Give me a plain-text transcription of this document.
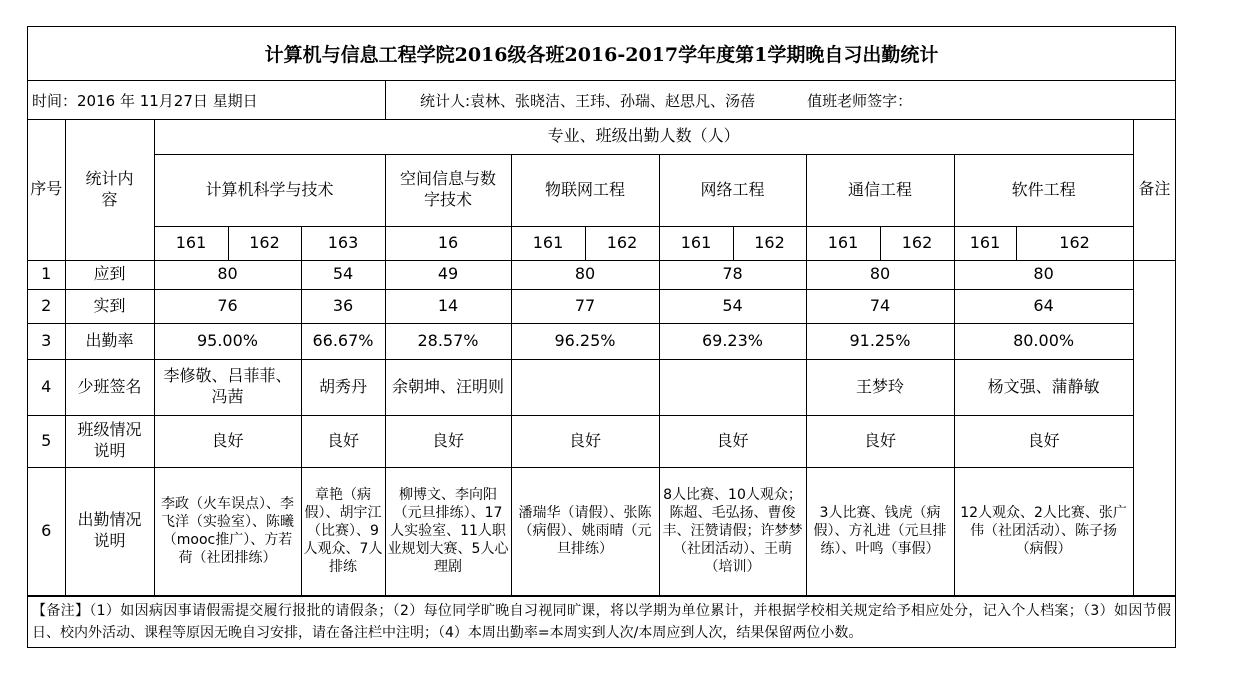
计算机与信息工程学院2016级各班2016-2017学年度第1学期晚自习出勤统计
时间：2016 年 11月27日 星期日	统计人:袁林、张晓洁、王玮、孙瑞、赵思凡、汤蓓	值班老师签字：
序号	统计内容	专业、班级出勤人数（人）												备注
		计算机科学与技术			空间信息与数字技术	物联网工程		网络工程		通信工程		软件工程		
		161	162	163	16	161	162	161	162	161	162	161	162	
1	应到	80		54	49	80		78		80		80		
2	实到	76		36	14	77		54		74		64		
3	出勤率	95.00%		66.67%	28.57%	96.25%		69.23%		91.25%		80.00%		
4	少班签名	李修敬、吕菲菲、冯茜		胡秀丹	余朝坤、汪明则					王梦玲		杨文强、蒲静敏		
5	班级情况说明	良好		良好	良好	良好		良好		良好		良好		
6	出勤情况说明	李政（火车误点）、李飞洋（实验室）、陈曦（mooc推广）、方若荷（社团排练）		章艳（病假）、胡宇江（比赛）、9人观众、7人排练	柳博文、李向阳（元旦排练）、17人实验室、11人职业规划大赛、5人心理剧	潘瑞华（请假）、张陈（病假）、姚雨晴（元旦排练）		8人比赛、10人观众；陈超、毛弘扬、曹俊丰、汪赞请假；许梦梦（社团活动）、王萌（培训）		3人比赛、钱虎（病假）、方礼进（元旦排练）、叶鸣（事假）		12人观众、2人比赛、张广伟（社团活动）、陈子扬（病假）		
【备注】（1）如因病因事请假需提交履行报批的请假条；（2）每位同学旷晚自习视同旷课，将以学期为单位累计，并根据学校相关规定给予相应处分，记入个人档案；（3）如因节假日、校内外活动、课程等原因无晚自习安排，请在备注栏中注明；（4）本周出勤率=本周实到人次/本周应到人次，结果保留两位小数。
